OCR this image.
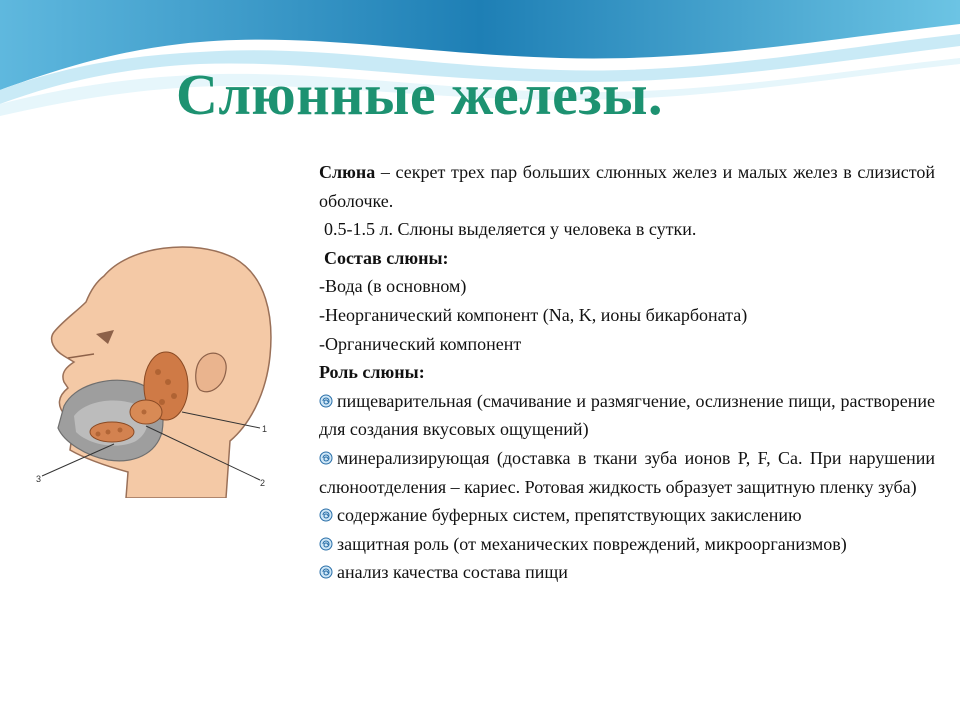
Слюнные железы.
1
2
3

Слюна – секрет трех пар больших слюнных желез и малых желез в слизистой оболочке.

0.5-1.5 л. Слюны выделяется у человека в сутки.

Состав слюны:

-Вода (в основном)

-Неорганический компонент (Na, K, ионы бикарбоната)

-Органический компонент

Роль слюны:

пищеварительная (смачивание и размягчение, ослизнение пищи, растворение для создания вкусовых ощущений)

минерализирующая (доставка в ткани зуба ионов P, F, Ca. При нарушении слюноотделения – кариес. Ротовая жидкость образует защитную пленку зуба)

содержание буферных систем, препятствующих закислению

защитная роль (от механических повреждений, микроорганизмов)

анализ качества состава пищи
